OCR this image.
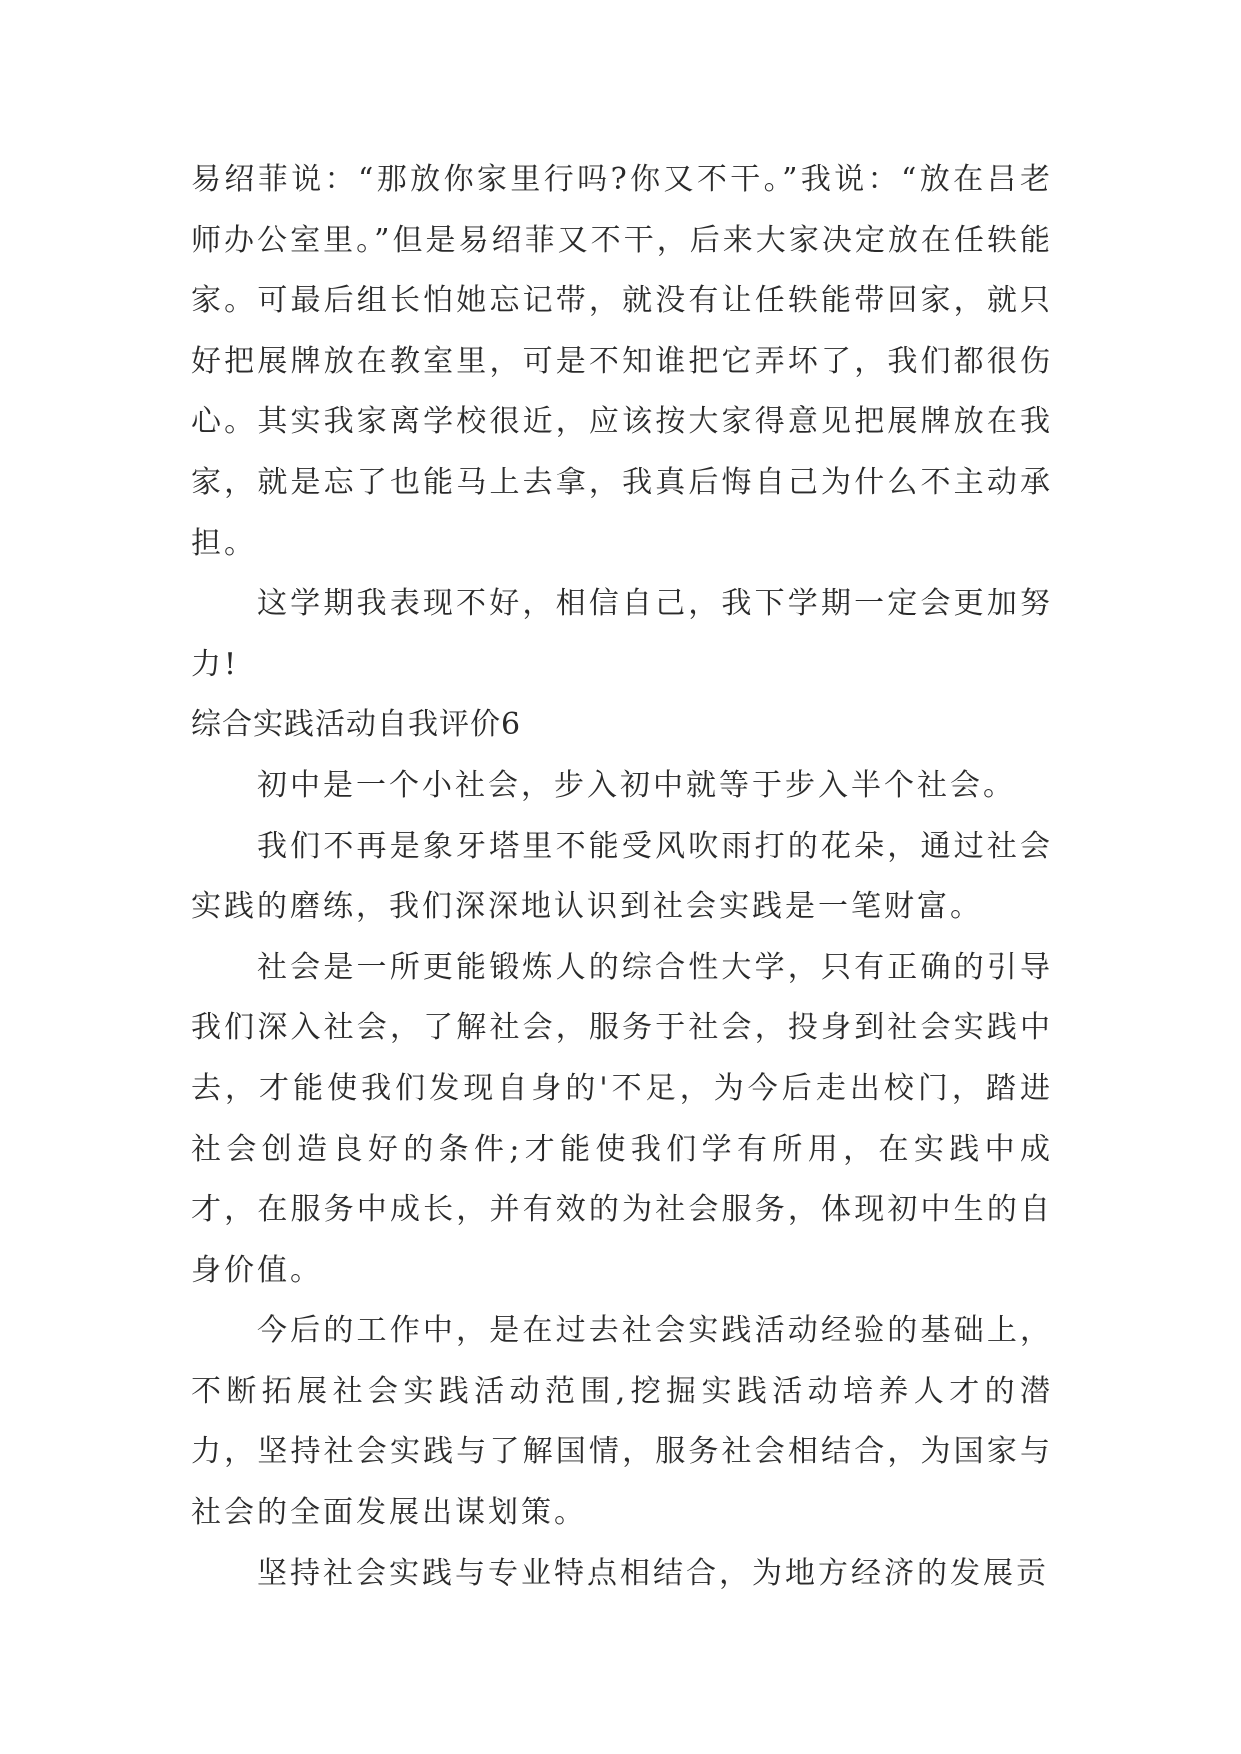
易绍菲说：“那放你家里行吗?你又不干。”我说：“放在吕老师办公室里。”但是易绍菲又不干，后来大家决定放在任轶能家。可最后组长怕她忘记带，就没有让任轶能带回家，就只好把展牌放在教室里，可是不知谁把它弄坏了，我们都很伤心。其实我家离学校很近，应该按大家得意见把展牌放在我家，就是忘了也能马上去拿，我真后悔自己为什么不主动承担。

这学期我表现不好，相信自己，我下学期一定会更加努力!

综合实践活动自我评价6

初中是一个小社会，步入初中就等于步入半个社会。

我们不再是象牙塔里不能受风吹雨打的花朵，通过社会实践的磨练，我们深深地认识到社会实践是一笔财富。

社会是一所更能锻炼人的综合性大学，只有正确的引导我们深入社会，了解社会，服务于社会，投身到社会实践中去，才能使我们发现自身的'不足，为今后走出校门，踏进社会创造良好的条件;才能使我们学有所用，在实践中成才，在服务中成长，并有效的为社会服务，体现初中生的自身价值。

今后的工作中，是在过去社会实践活动经验的基础上，不断拓展社会实践活动范围,挖掘实践活动培养人才的潜力，坚持社会实践与了解国情，服务社会相结合，为国家与社会的全面发展出谋划策。

坚持社会实践与专业特点相结合，为地方经济的发展贡
